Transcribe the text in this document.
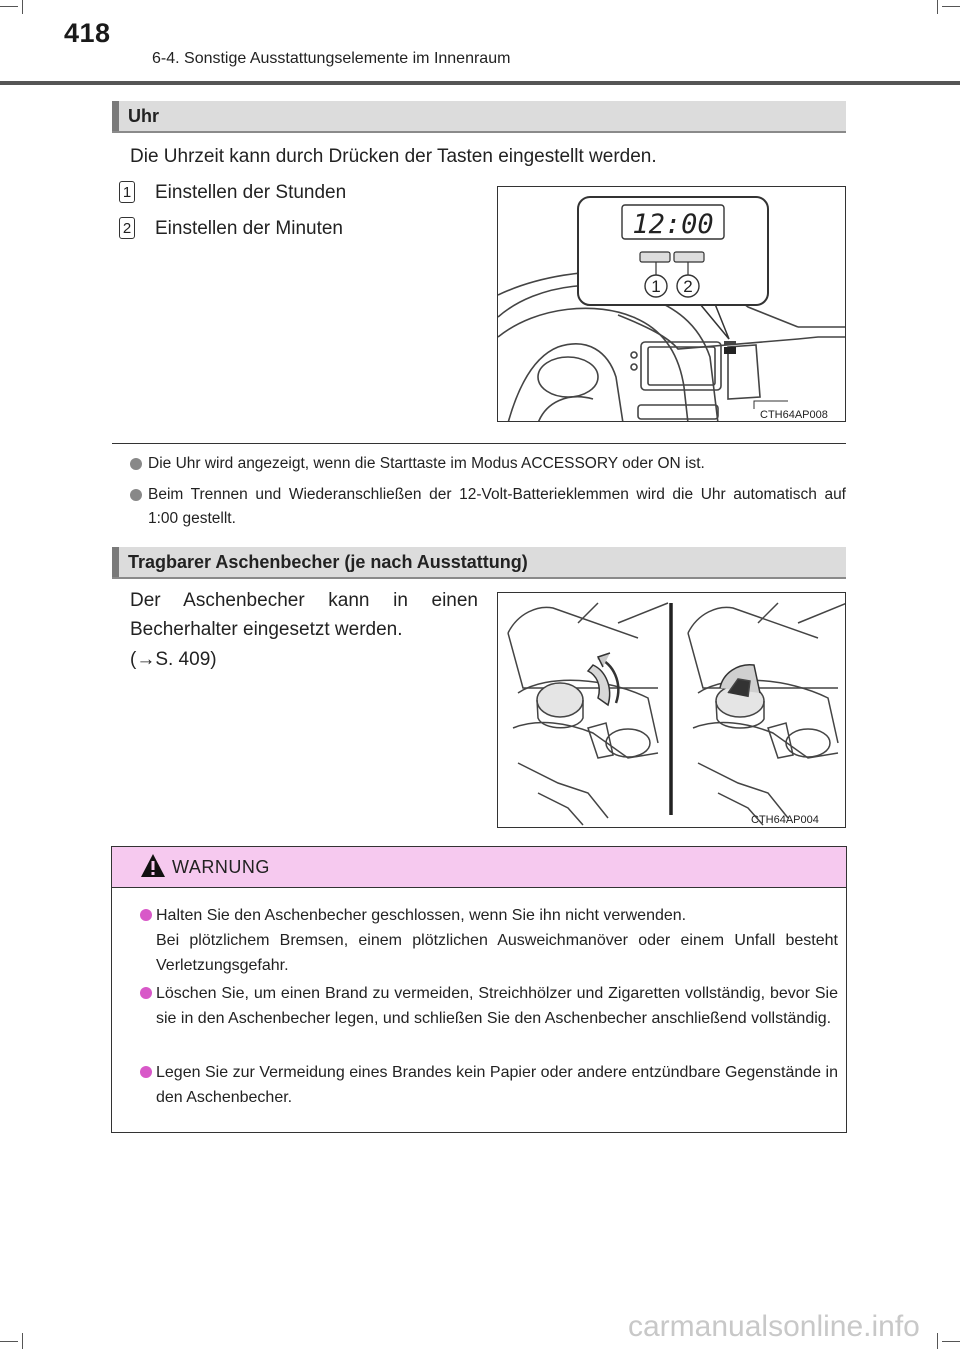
418
6-4. Sonstige Ausstattungselemente im Innenraum
Uhr
Die Uhrzeit kann durch Drücken der Tasten eingestellt werden.
1 Einstellen der Stunden
2 Einstellen der Minuten	12:00
1 2
CTH64AP008
Die Uhr wird angezeigt, wenn die Starttaste im Modus ACCESSORY oder ON ist.
Beim Trennen und Wiederanschließen der 12-Volt-Batterieklemmen wird die Uhr automatisch auf 1:00 gestellt.
Tragbarer Aschenbecher (je nach Ausstattung)
Der Aschenbecher kann in einen
Becherhalter eingesetzt werden.
(→S. 409)
CTH64AP004
WARNUNG
Halten Sie den Aschenbecher geschlossen, wenn Sie ihn nicht verwenden.
Bei plötzlichem Bremsen, einem plötzlichen Ausweichmanöver oder einem Unfall besteht Verletzungsgefahr.
Löschen Sie, um einen Brand zu vermeiden, Streichhölzer und Zigaretten vollständig, bevor Sie sie in den Aschenbecher legen, und schließen Sie den Aschenbecher anschließend vollständig.
Legen Sie zur Vermeidung eines Brandes kein Papier oder andere entzündbare Gegenstände in den Aschenbecher.
carmanualsonline.info
